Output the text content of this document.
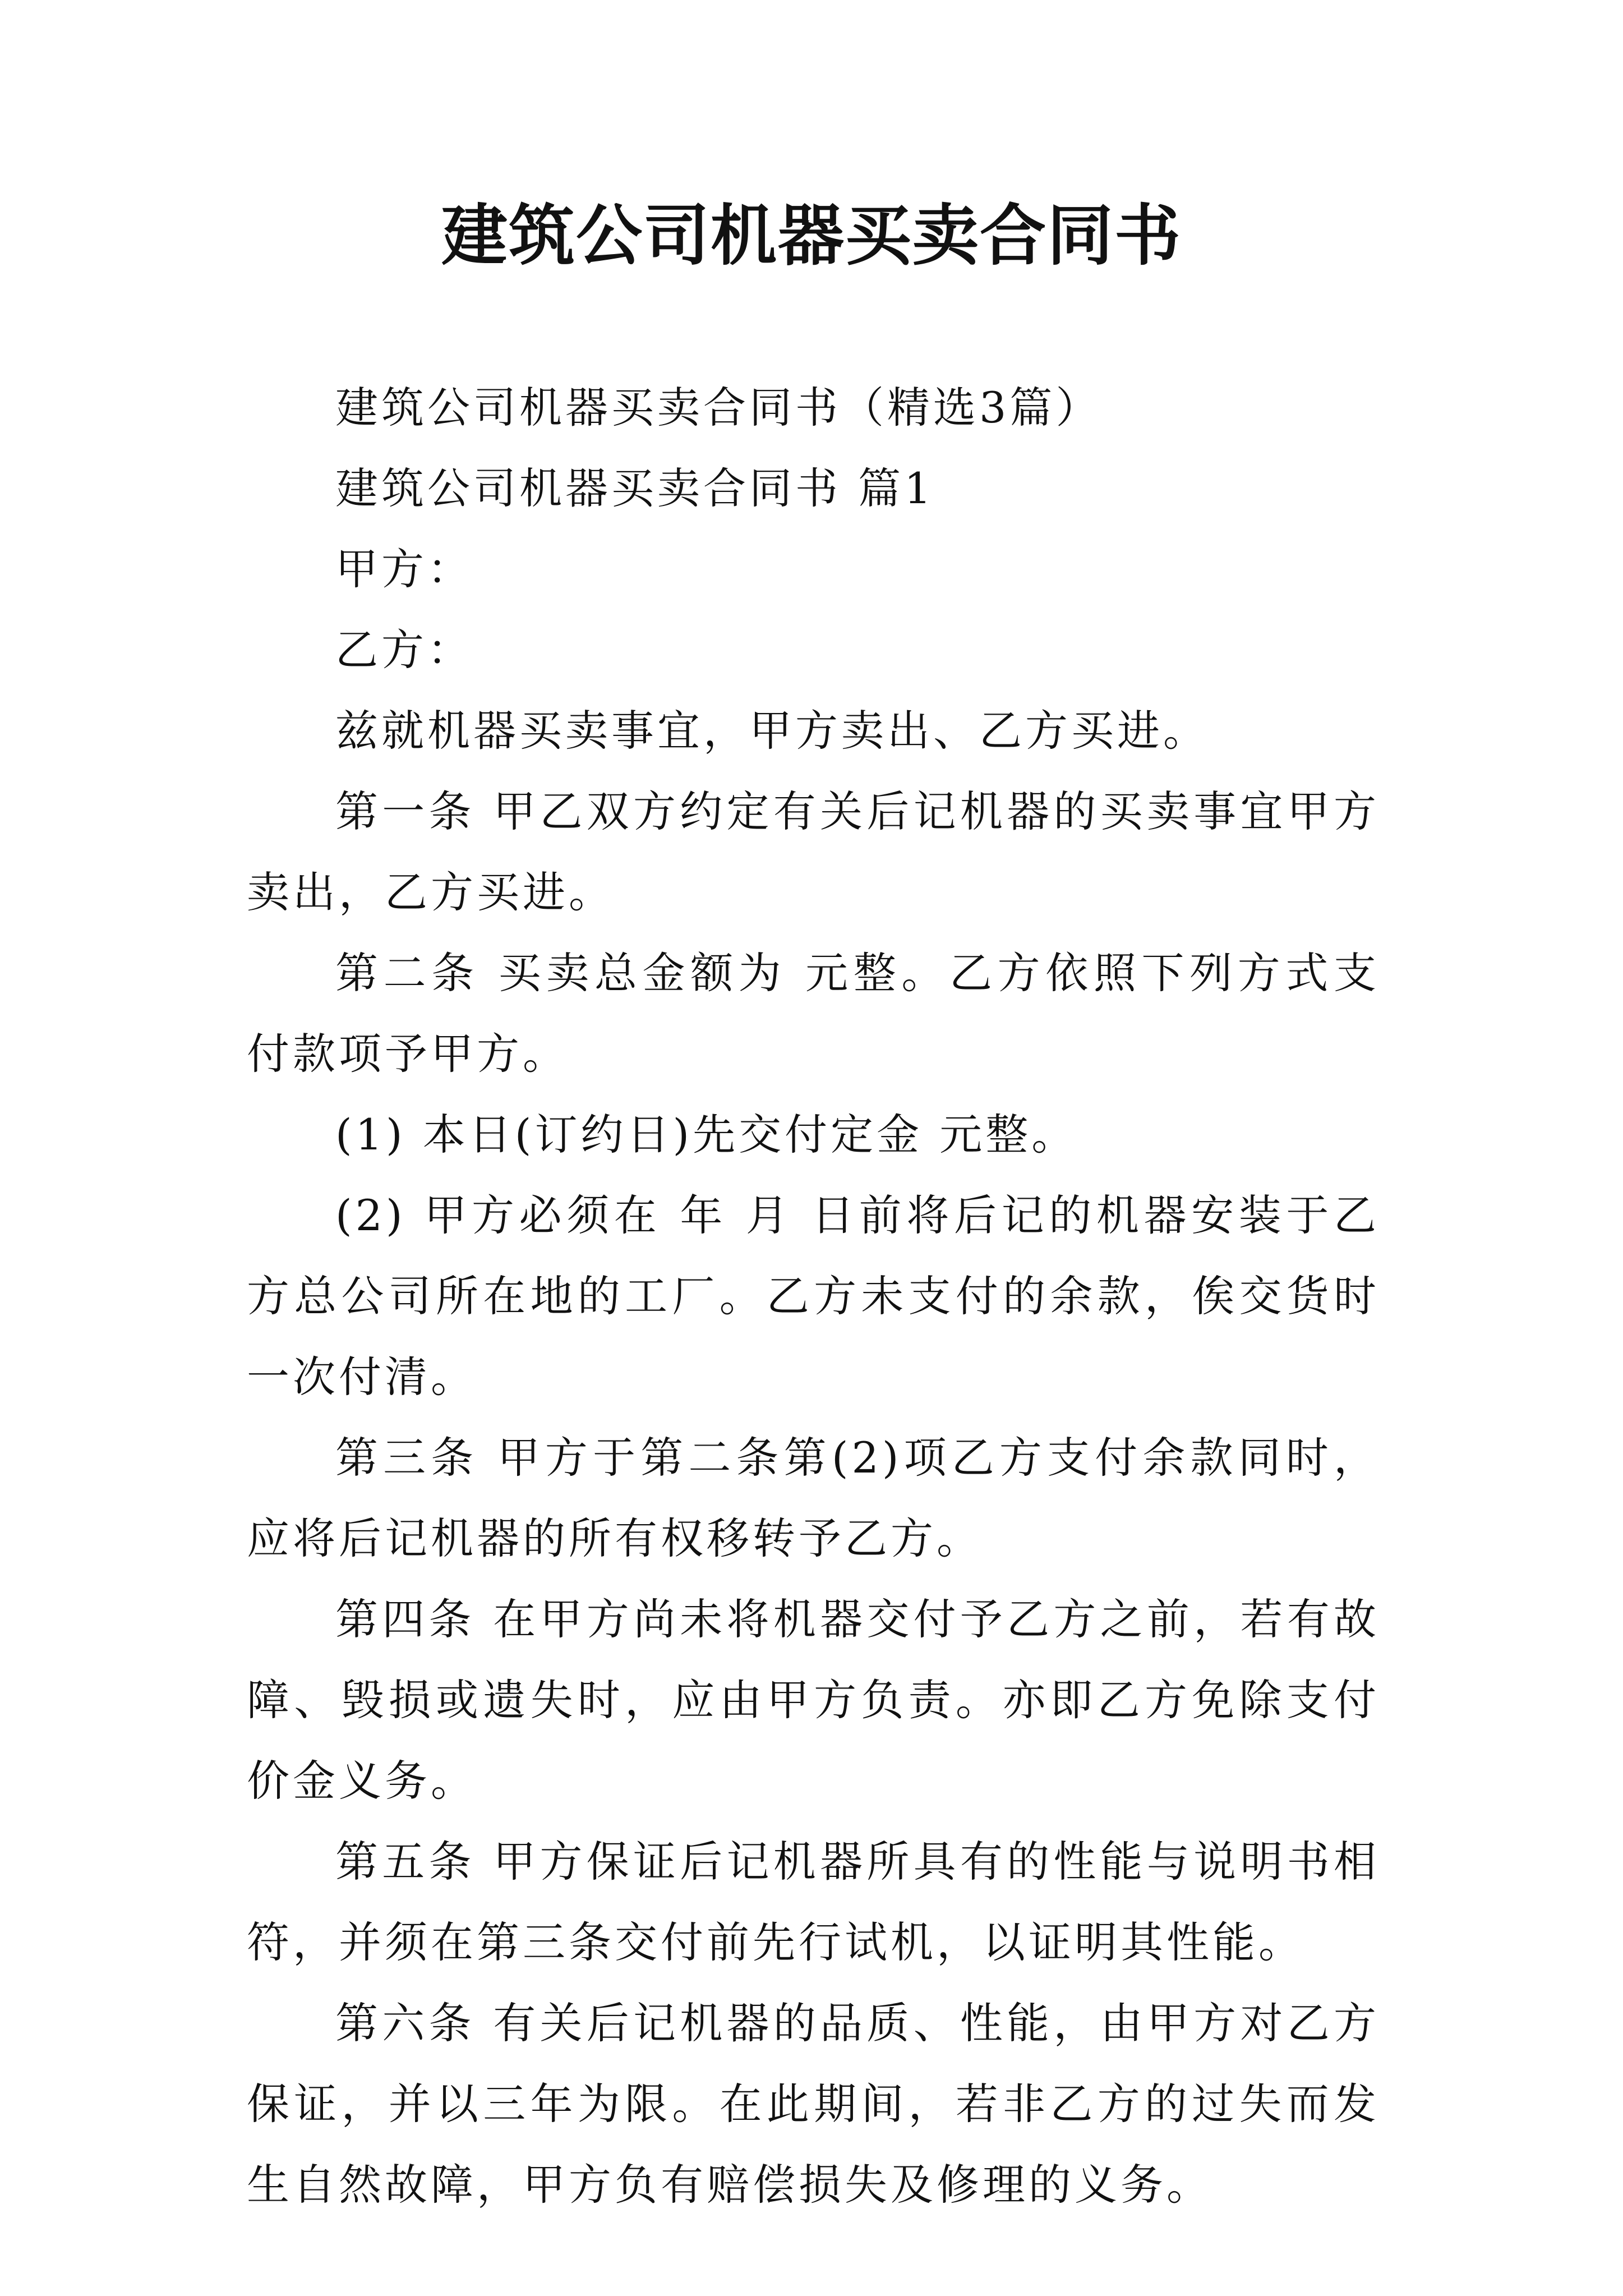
建筑公司机器买卖合同书

建筑公司机器买卖合同书（精选3篇）

建筑公司机器买卖合同书 篇1

甲方：

乙方：

兹就机器买卖事宜，甲方卖出、乙方买进。

第一条 甲乙双方约定有关后记机器的买卖事宜甲方卖出，乙方买进。

第二条 买卖总金额为 元整。乙方依照下列方式支付款项予甲方。

(1) 本日(订约日)先交付定金 元整。

(2) 甲方必须在 年 月 日前将后记的机器安装于乙方总公司所在地的工厂。乙方未支付的余款，俟交货时一次付清。

第三条 甲方于第二条第(2)项乙方支付余款同时，应将后记机器的所有权移转予乙方。

第四条 在甲方尚未将机器交付予乙方之前，若有故障、毁损或遗失时，应由甲方负责。亦即乙方免除支付价金义务。

第五条 甲方保证后记机器所具有的性能与说明书相符，并须在第三条交付前先行试机，以证明其性能。

第六条 有关后记机器的品质、性能，由甲方对乙方保证，并以三年为限。在此期间，若非乙方的过失而发生自然故障，甲方负有赔偿损失及修理的义务。
